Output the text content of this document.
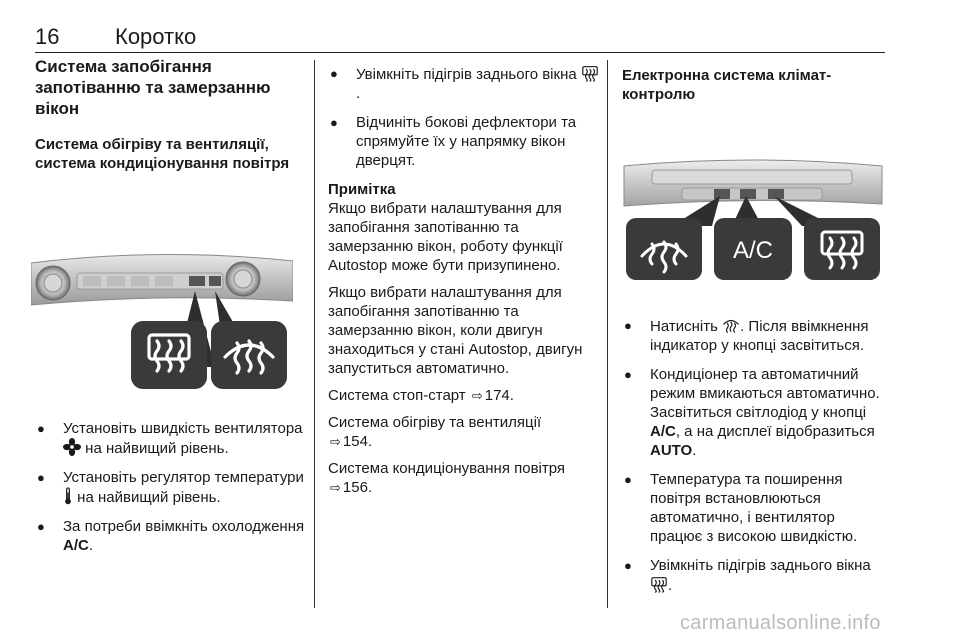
16	Коротко
Система запобігання запотіванню та замерзанню вікон
Система обігріву та вентиляції, система кондиціонування повітря
● Установіть швидкість вентилятора  на найвищий рівень.
● Установіть регулятор температури  на найвищий рівень.
● За потреби ввімкніть охолодження A/C.
● Увімкніть підігрів заднього вікна .
● Відчиніть бокові дефлектори та спрямуйте їх у напрямку вікон дверцят.
Примітка

Якщо вибрати налаштування для запобігання запотіванню та замерзанню вікон, роботу функції Autostop може бути призупинено.

Якщо вибрати налаштування для запобігання запотіванню та замерзанню вікон, коли двигун знаходиться у стані Autostop, двигун запуститься автоматично.

Система стоп-старт ⇨ 174.

Система обігріву та вентиляції
⇨ 154.

Система кондиціонування повітря
⇨ 156.

Електронна система клімат-контролю
A/C
● Натисніть . Після ввімкнення індикатор у кнопці засвітиться.
● Кондиціонер та автоматичний режим вмикаються автоматично. Засвітиться світлодіод у кнопці A/C, а на дисплеї відобразиться AUTO.
● Температура та поширення повітря встановлюються автоматично, і вентилятор працює з високою швидкістю.
● Увімкніть підігрів заднього вікна .
carmanualsonline.info
